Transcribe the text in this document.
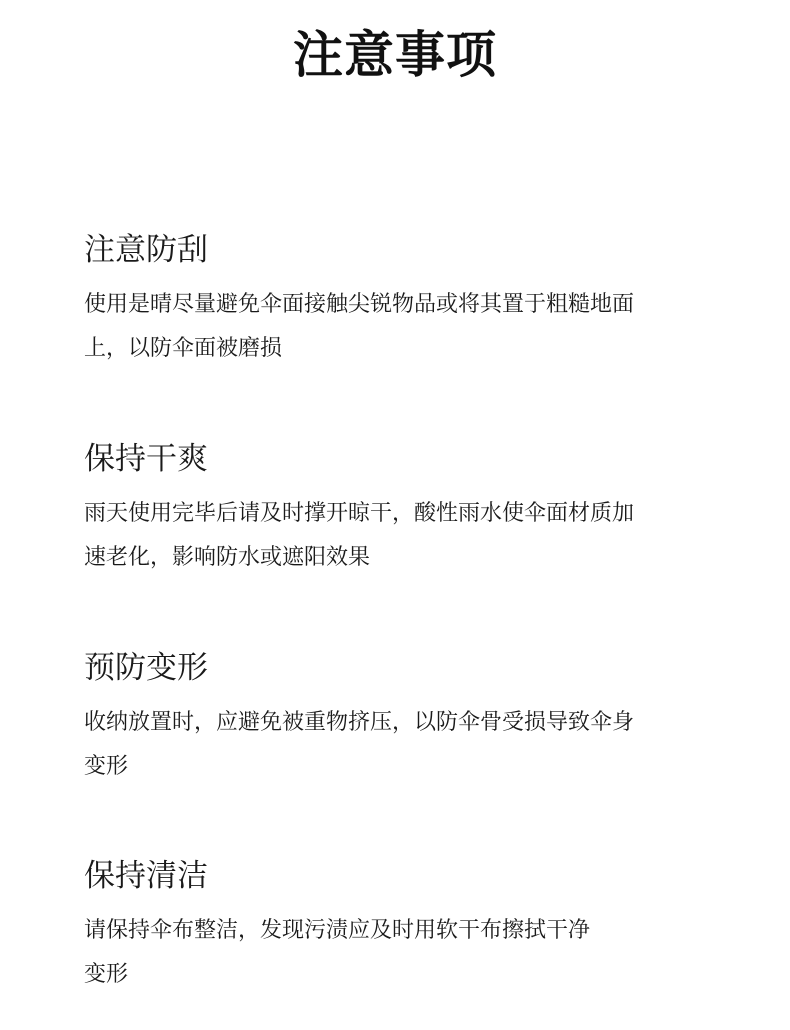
注意事项
注意防刮
使用是晴尽量避免伞面接触尖锐物品或将其置于粗糙地面
上，以防伞面被磨损
保持干爽
雨天使用完毕后请及时撑开晾干，酸性雨水使伞面材质加
速老化，影响防水或遮阳效果
预防变形
收纳放置时，应避免被重物挤压，以防伞骨受损导致伞身
变形
保持清洁
请保持伞布整洁，发现污渍应及时用软干布擦拭干净
变形
